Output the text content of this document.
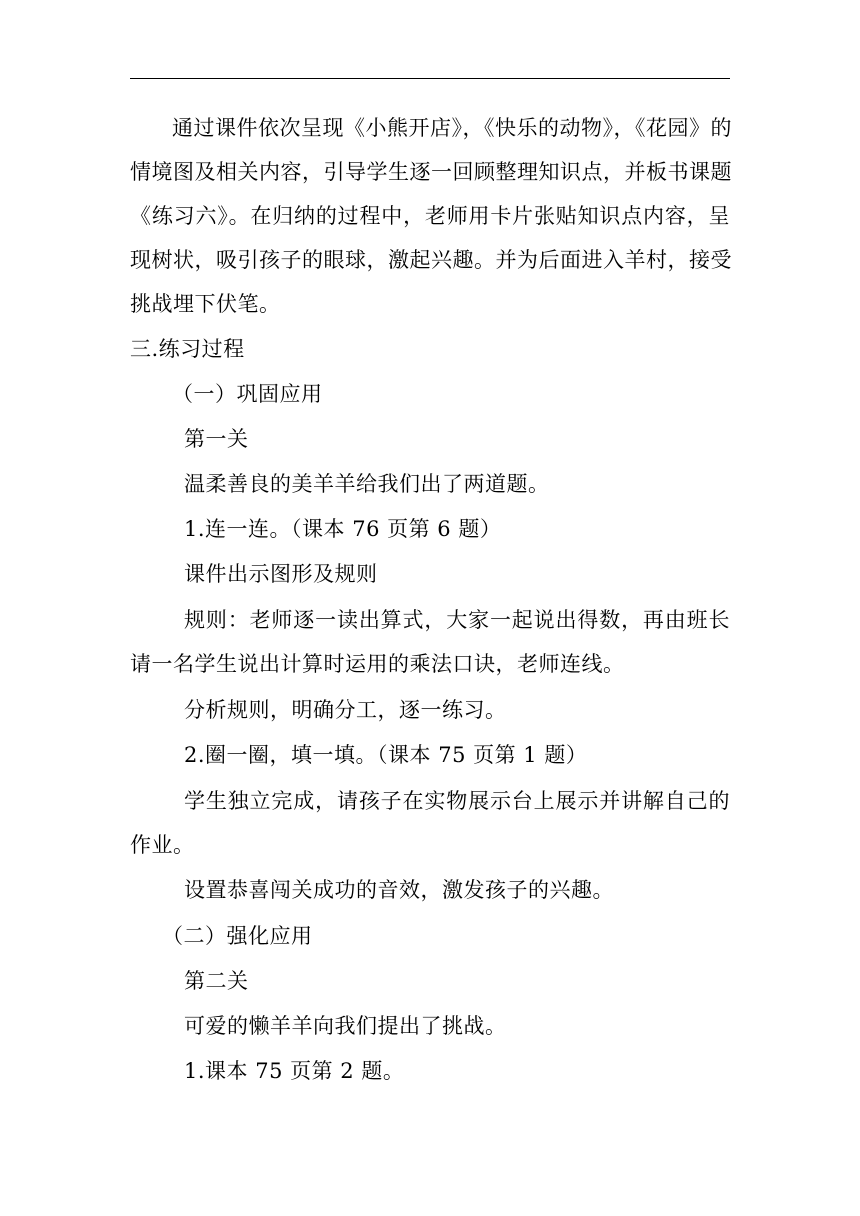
通过课件依次呈现《小熊开店》，《快乐的动物》，《花园》的
情境图及相关内容，引导学生逐一回顾整理知识点，并板书课题
《练习六》。在归纳的过程中，老师用卡片张贴知识点内容，呈
现树状，吸引孩子的眼球，激起兴趣。并为后面进入羊村，接受
挑战埋下伏笔。
三.练习过程
（一）巩固应用
第一关
温柔善良的美羊羊给我们出了两道题。
1.连一连。（课本 76 页第 6 题）
课件出示图形及规则
规则：老师逐一读出算式，大家一起说出得数，再由班长
请一名学生说出计算时运用的乘法口诀，老师连线。
分析规则，明确分工，逐一练习。
2.圈一圈，填一填。（课本 75 页第 1 题）
学生独立完成，请孩子在实物展示台上展示并讲解自己的
作业。
设置恭喜闯关成功的音效，激发孩子的兴趣。
（二）强化应用
第二关
可爱的懒羊羊向我们提出了挑战。
1.课本 75 页第 2 题。
